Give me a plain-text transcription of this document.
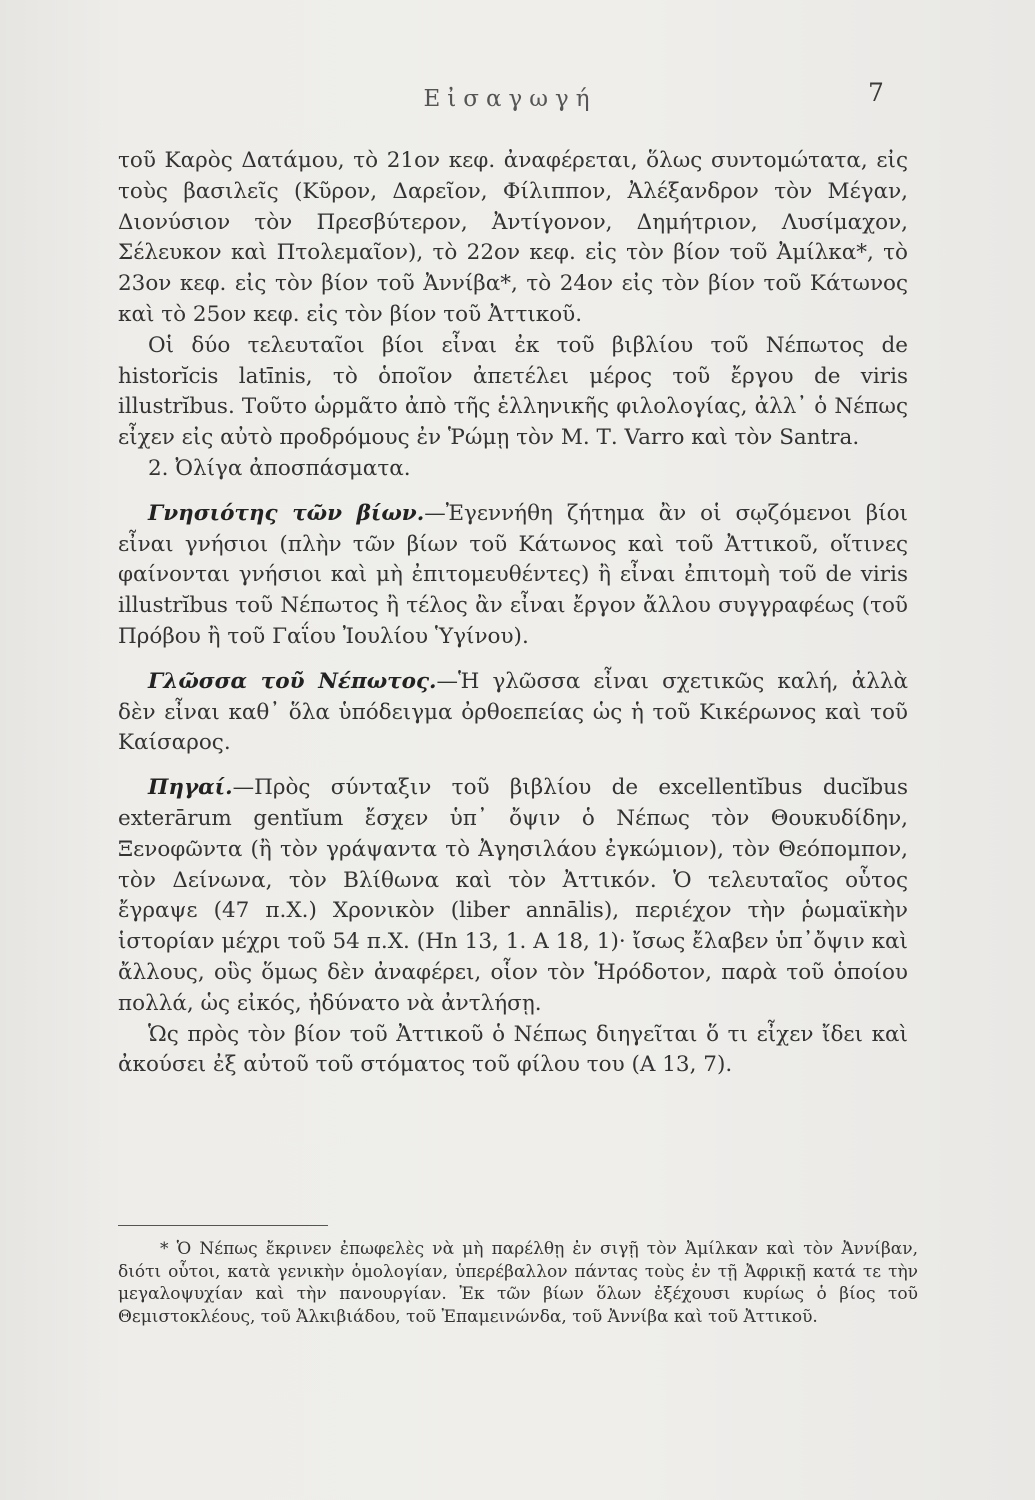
Εἰσαγωγή	7

τοῦ Καρὸς Δατάμου, τὸ 21ον κεφ. ἀναφέρεται, ὅλως συντομώτατα, εἰς τοὺς βασιλεῖς (Κῦρον, Δαρεῖον, Φίλιππον, Ἀλέξανδρον τὸν Μέγαν, Διονύσιον τὸν Πρεσβύτερον, Ἀντίγονον, Δημήτριον, Λυσίμαχον, Σέλευκον καὶ Πτολεμαῖον), τὸ 22ον κεφ. εἰς τὸν βίον τοῦ Ἀμίλκα*, τὸ 23ον κεφ. εἰς τὸν βίον τοῦ Ἀννίβα*, τὸ 24ον εἰς τὸν βίον τοῦ Κάτωνος καὶ τὸ 25ον κεφ. εἰς τὸν βίον τοῦ Ἀττικοῦ.

Οἱ δύο τελευταῖοι βίοι εἶναι ἐκ τοῦ βιβλίου τοῦ Νέπωτος de historĭcis latīnis, τὸ ὁποῖον ἀπετέλει μέρος τοῦ ἔργου de viris illustrĭbus. Τοῦτο ὡρμᾶτο ἀπὸ τῆς ἑλληνικῆς φιλολογίας, ἀλλ᾽ ὁ Νέπως εἶχεν εἰς αὐτὸ προδρόμους ἐν Ῥώμῃ τὸν Μ. Τ. Varro καὶ τὸν Santra.

2. Ὀλίγα ἀποσπάσματα.

Γνησιότης τῶν βίων.—Ἐγεννήθη ζήτημα ἂν οἱ σῳζόμενοι βίοι εἶναι γνήσιοι (πλὴν τῶν βίων τοῦ Κάτωνος καὶ τοῦ Ἀττικοῦ, οἵτινες φαίνονται γνήσιοι καὶ μὴ ἐπιτομευθέντες) ἢ εἶναι ἐπιτομὴ τοῦ de viris illustrĭbus τοῦ Νέπωτος ἢ τέλος ἂν εἶναι ἔργον ἄλλου συγγραφέως (τοῦ Πρόβου ἢ τοῦ Γαΐου Ἰουλίου Ὑγίνου).

Γλῶσσα τοῦ Νέπωτος.—Ἡ γλῶσσα εἶναι σχετικῶς καλή, ἀλλὰ δὲν εἶναι καθ᾽ ὅλα ὑπόδειγμα ὀρθοεπείας ὡς ἡ τοῦ Κικέρωνος καὶ τοῦ Καίσαρος.

Πηγαί.—Πρὸς σύνταξιν τοῦ βιβλίου de excellentĭbus ducĭbus exterārum gentĭum ἔσχεν ὑπ᾽ ὄψιν ὁ Νέπως τὸν Θουκυδίδην, Ξενοφῶντα (ἢ τὸν γράψαντα τὸ Ἀγησιλάου ἐγκώμιον), τὸν Θεόπομπον, τὸν Δείνωνα, τὸν Βλίθωνα καὶ τὸν Ἀττικόν. Ὁ τελευταῖος οὗτος ἔγραψε (47 π.Χ.) Χρονικὸν (liber annālis), περιέχον τὴν ῥωμαϊκὴν ἱστορίαν μέχρι τοῦ 54 π.Χ. (Hn 13, 1. A 18, 1)· ἴσως ἔλαβεν ὑπ᾽ὄψιν καὶ ἄλλους, οὓς ὅμως δὲν ἀναφέρει, οἷον τὸν Ἡρόδοτον, παρὰ τοῦ ὁποίου πολλά, ὡς εἰκός, ἠδύνατο νὰ ἀντλήσῃ.

Ὡς πρὸς τὸν βίον τοῦ Ἀττικοῦ ὁ Νέπως διηγεῖται ὅ τι εἶχεν ἴδει καὶ ἀκούσει ἐξ αὐτοῦ τοῦ στόματος τοῦ φίλου του (A 13, 7).

* Ὁ Νέπως ἔκρινεν ἐπωφελὲς νὰ μὴ παρέλθῃ ἐν σιγῇ τὸν Ἀμίλκαν καὶ τὸν Ἀννίβαν, διότι οὗτοι, κατὰ γενικὴν ὁμολογίαν, ὑπερέβαλλον πάντας τοὺς ἐν τῇ Ἀφρικῇ κατά τε τὴν μεγαλοψυχίαν καὶ τὴν πανουργίαν. Ἐκ τῶν βίων ὅλων ἐξέχουσι κυρίως ὁ βίος τοῦ Θεμιστοκλέους, τοῦ Ἀλκιβιάδου, τοῦ Ἐπαμεινώνδα, τοῦ Ἀννίβα καὶ τοῦ Ἀττικοῦ.
